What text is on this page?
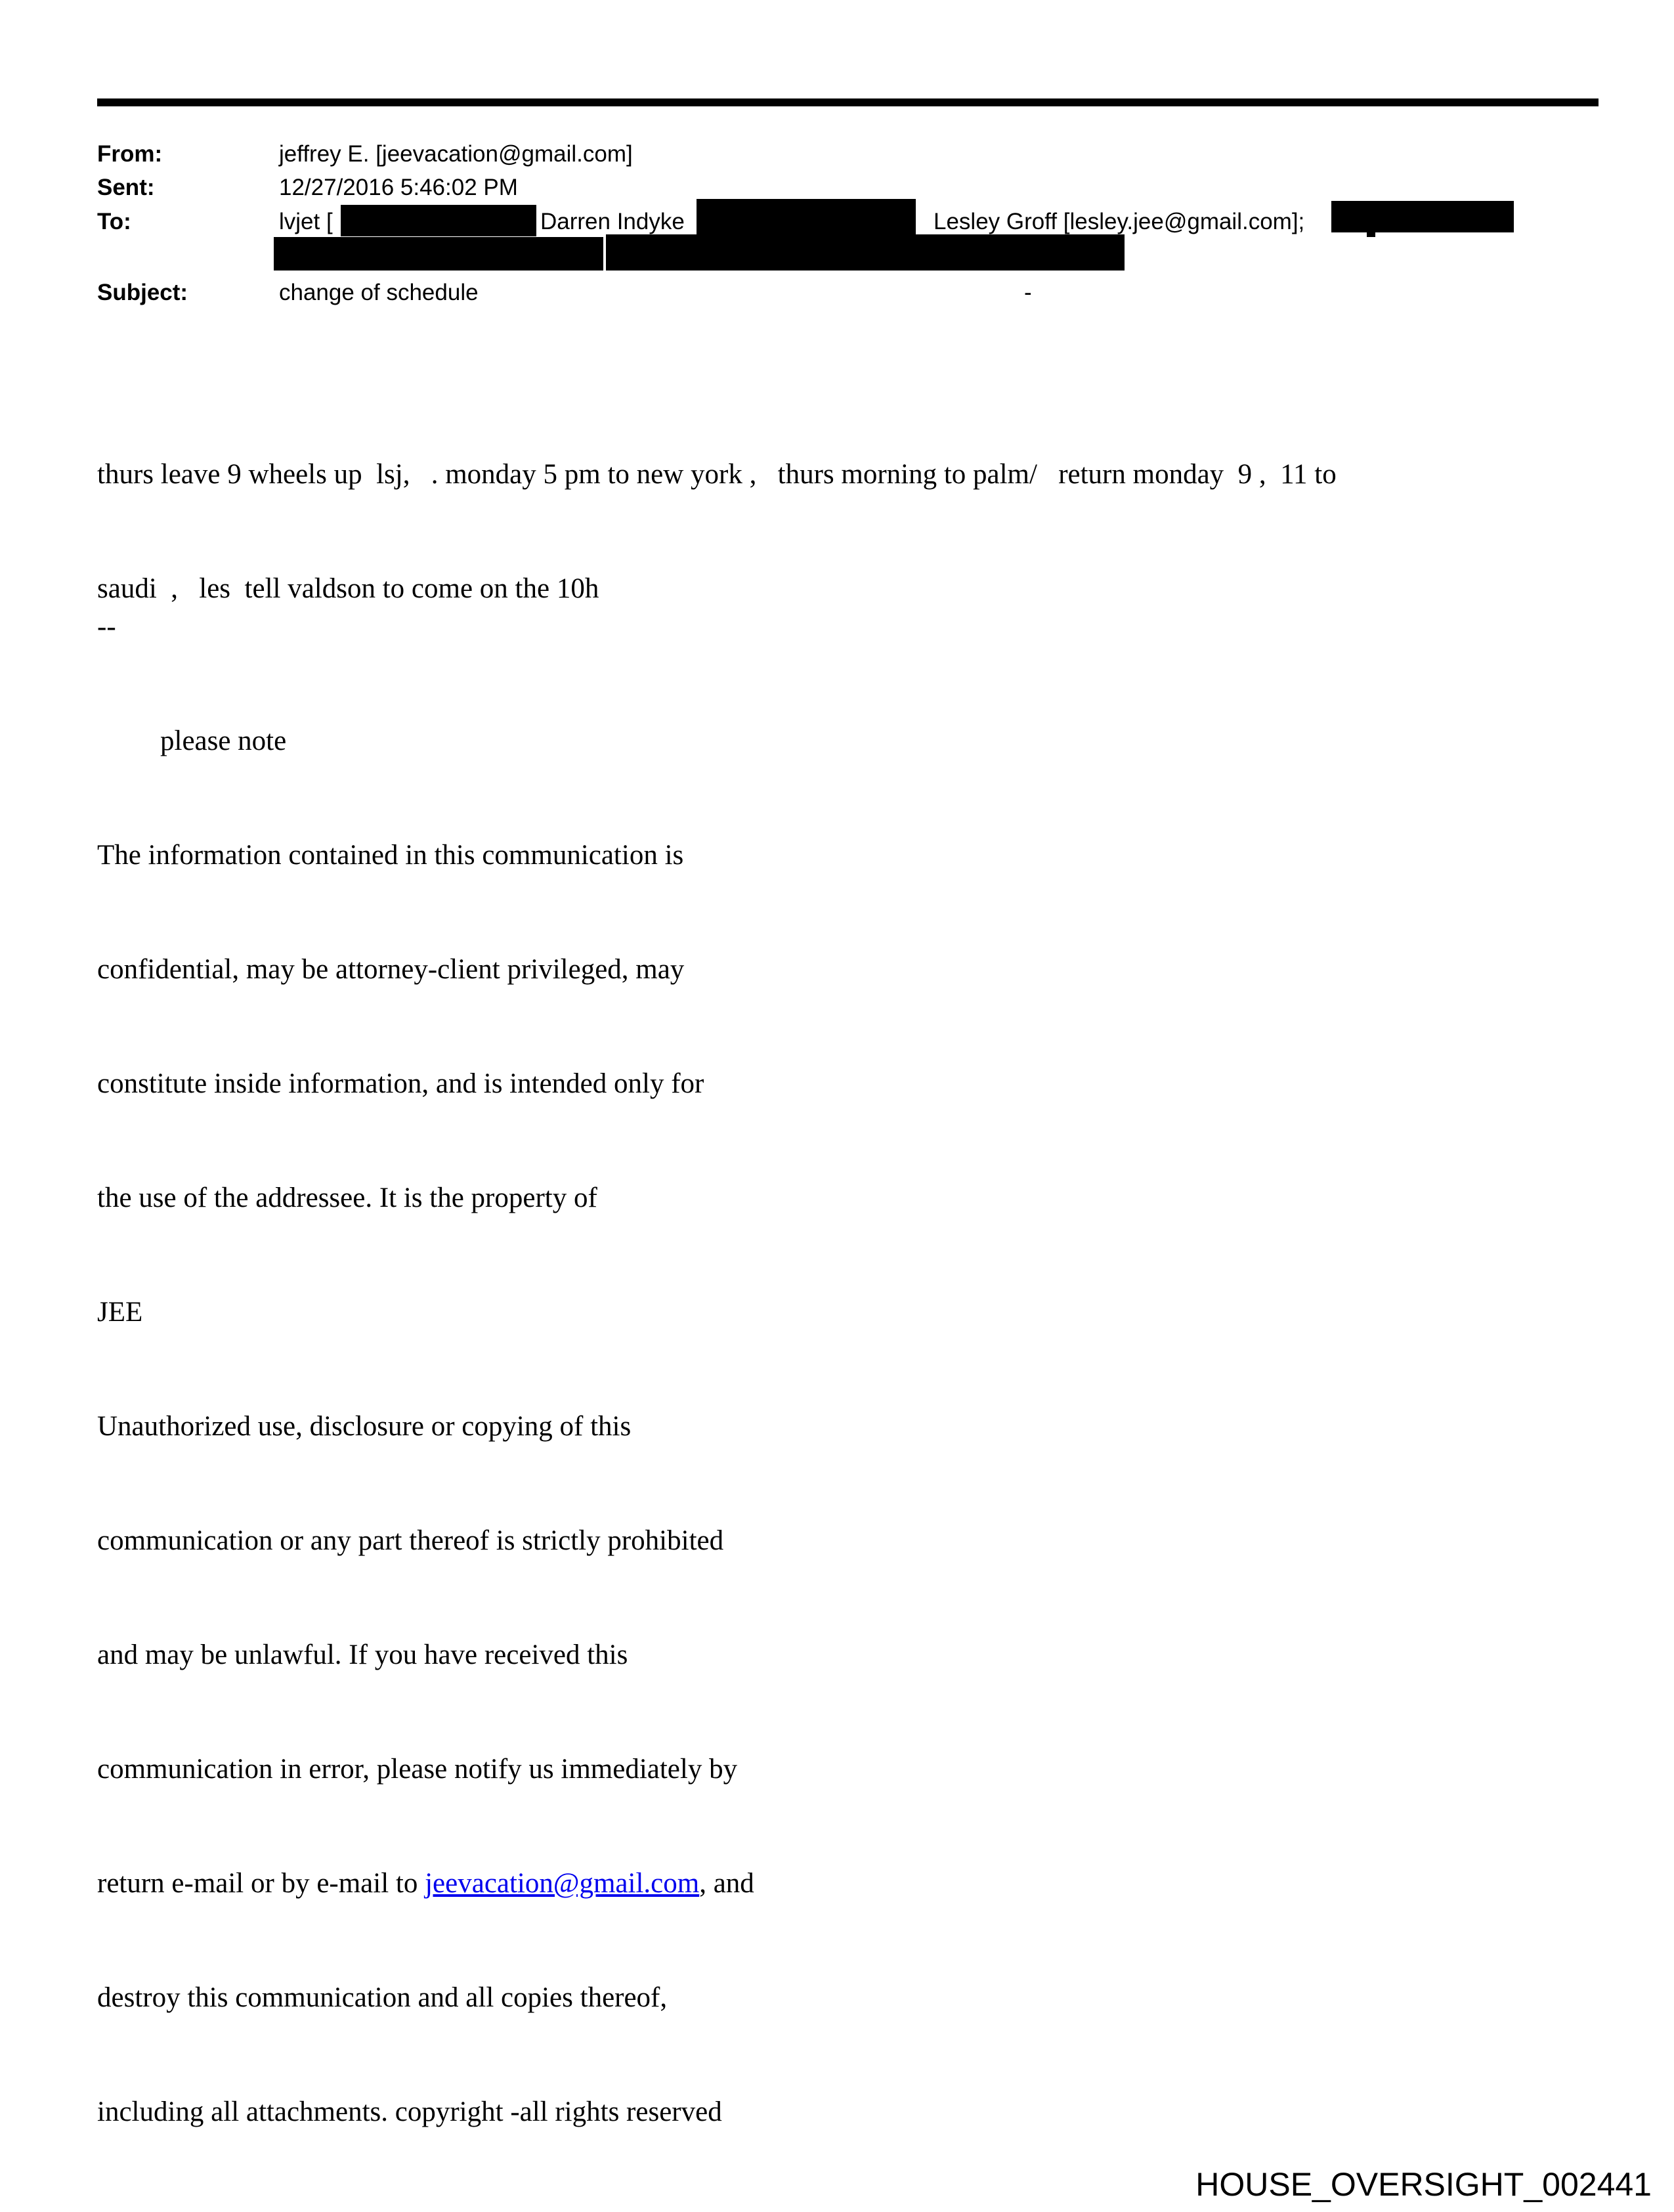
From:	jeffrey E. [jeevacation@gmail.com]
Sent:	12/27/2016 5:46:02 PM
To:	lvjet [	Darren Indyke	Lesley Groff [lesley.jee@gmail.com];
Subject:	change of schedule	-

thurs leave 9 wheels up  lsj,   . monday 5 pm to new york ,   thurs morning to palm/   return monday  9 ,  11 to

saudi  ,   les  tell valdson to come on the 10h

--

please note

The information contained in this communication is

confidential, may be attorney-client privileged, may

constitute inside information, and is intended only for

the use of the addressee. It is the property of

JEE

Unauthorized use, disclosure or copying of this

communication or any part thereof is strictly prohibited

and may be unlawful. If you have received this

communication in error, please notify us immediately by

return e-mail or by e-mail to jeevacation@gmail.com, and

destroy this communication and all copies thereof,

including all attachments. copyright -all rights reserved

HOUSE_OVERSIGHT_002441
